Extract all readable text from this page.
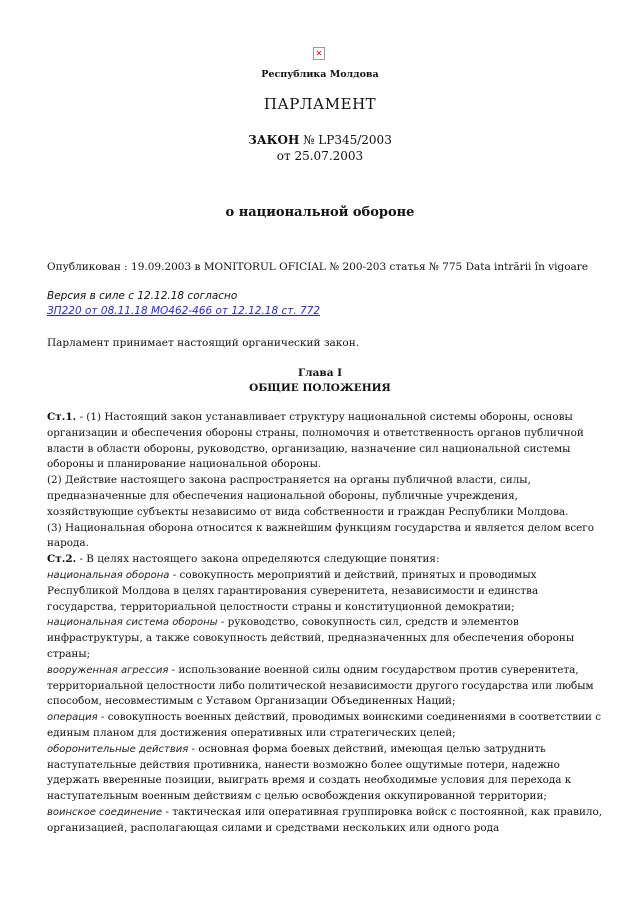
✕
Республика Молдова
ПАРЛАМЕНТ
ЗАКОН № LP345/2003
от 25.07.2003
о национальной обороне
Опубликован : 19.09.2003 в MONITORUL OFICIAL № 200-203 статья № 775 Data intrării în vigoare
Версия в силе с 12.12.18 согласно
ЗП220 от 08.11.18 МО462-466 от 12.12.18 ст. 772
Парламент принимает настоящий органический закон.
Глава I
ОБЩИЕ ПОЛОЖЕНИЯ

Ст.1. - (1) Настоящий закон устанавливает структуру национальной системы обороны, основы организации и обеспечения обороны страны, полномочия и ответственность органов публичной власти в области обороны, руководство, организацию, назначение сил национальной системы обороны и планирование национальной обороны.

(2) Действие настоящего закона распространяется на органы публичной власти, силы, предназначенные для обеспечения национальной обороны, публичные учреждения, хозяйствующие субъекты независимо от вида собственности и граждан Республики Молдова.

(3) Национальная оборона относится к важнейшим функциям государства и является делом всего народа.

Ст.2. - В целях настоящего закона определяются следующие понятия:

национальная оборона - совокупность мероприятий и действий, принятых и проводимых Республикой Молдова в целях гарантирования суверенитета, независимости и единства государства, территориальной целостности страны и конституционной демократии;

национальная система обороны - руководство, совокупность сил, средств и элементов инфраструктуры, а также совокупность действий, предназначенных для обеспечения обороны страны;

вооруженная агрессия - использование военной силы одним государством против суверенитета, территориальной целостности либо политической независимости другого государства или любым способом, несовместимым с Уставом Организации Объединенных Наций;

операция - совокупность военных действий, проводимых воинскими соединениями в соответствии с единым планом для достижения оперативных или стратегических целей;

оборонительные действия - основная форма боевых действий, имеющая целью затруднить наступательные действия противника, нанести возможно более ощутимые потери, надежно удержать вверенные позиции, выиграть время и создать необходимые условия для перехода к наступательным военным действиям с целью освобождения оккупированной территории;

воинское соединение - тактическая или оперативная группировка войск с постоянной, как правило, организацией, располагающая силами и средствами нескольких или одного рода
